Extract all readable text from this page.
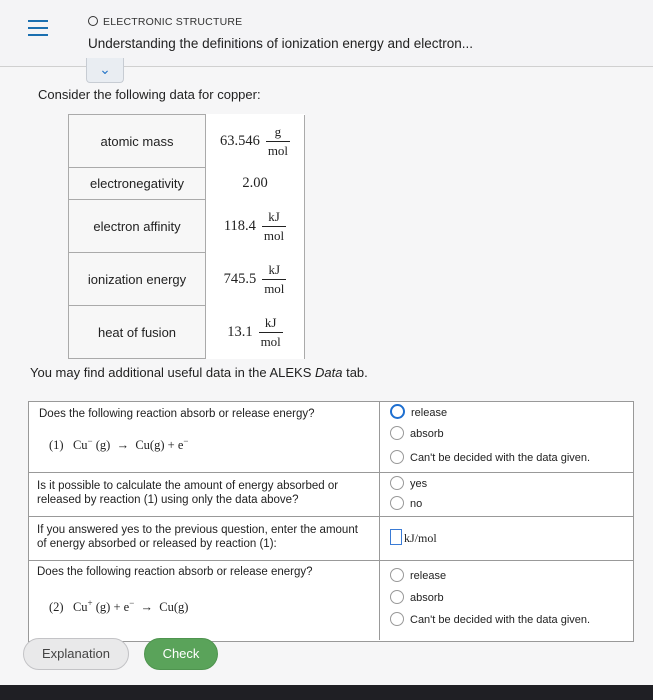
ELECTRONIC STRUCTURE
Understanding the definitions of ionization energy and electron...
Consider the following data for copper:
atomic mass	$63.546 \frac{g}{\text{mol}}$

electronegativity	2.00
electron affinity	$118.4 \frac{kJ}{\text{mol}}$

ionization energy	$745.5 \frac{kJ}{\text{mol}}$

heat of fusion	$13.1 \frac{kJ}{\text{mol}}$
You may find additional useful data in the ALEKS Data tab.
Does the following reaction absorb or release energy?
(1) Cu− (g) → Cu(g) + e−
release
absorb
Can't be decided with the data given.
Is it possible to calculate the amount of energy absorbed or released by reaction (1) using only the data above?
yes
no
If you answered yes to the previous question, enter the amount of energy absorbed or released by reaction (1):	kJ/mol
Does the following reaction absorb or release energy?
(2) Cu+ (g) + e− → Cu(g)
release
absorb
Can't be decided with the data given.
Explanation	Check
⌄
